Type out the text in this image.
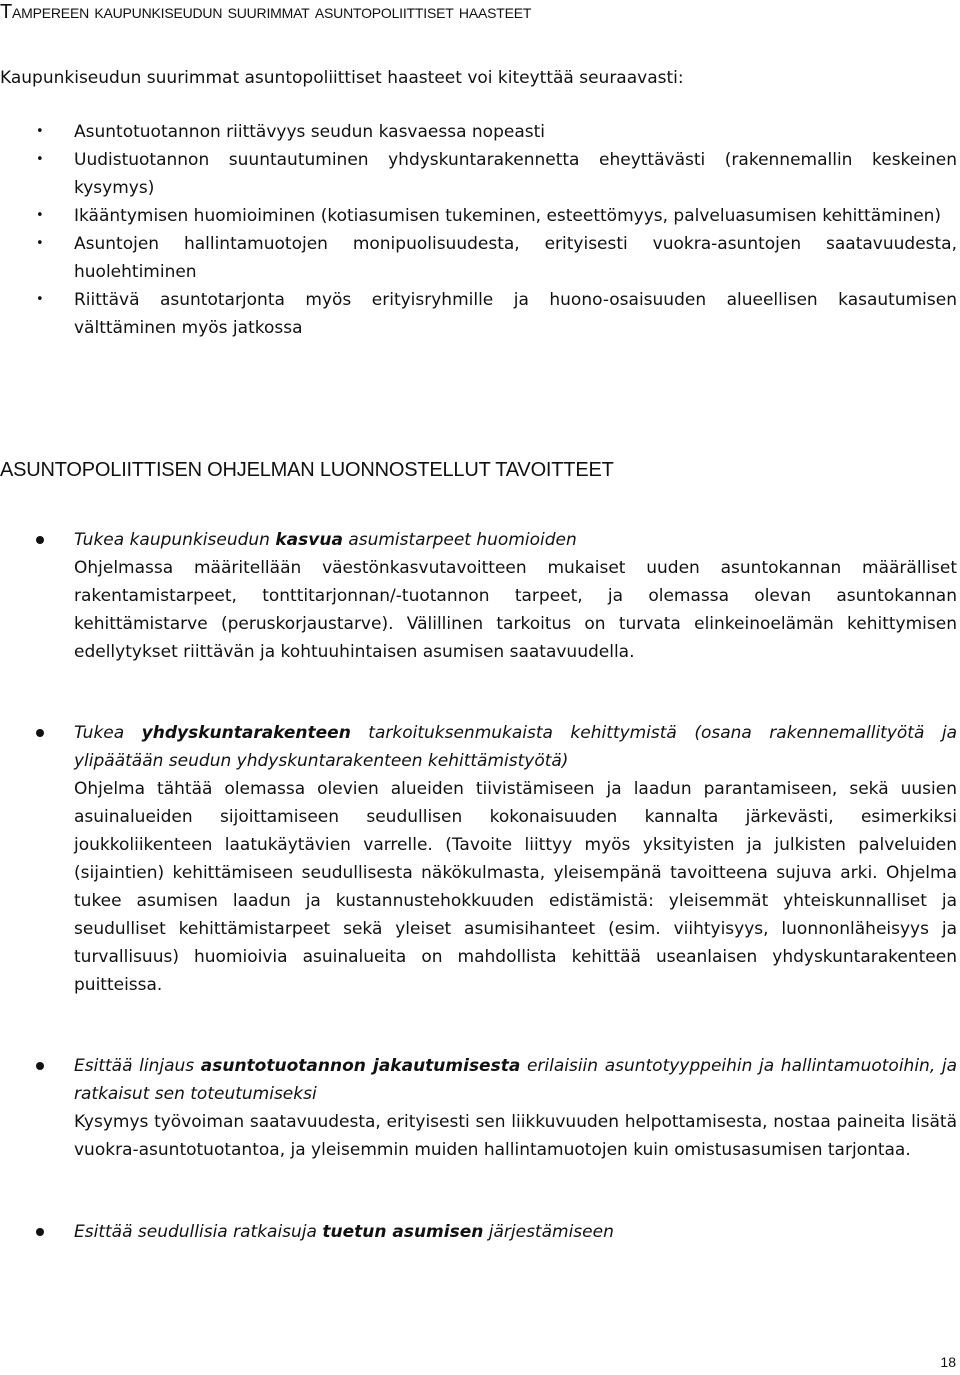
Tampereen kaupunkiseudun suurimmat asuntopoliittiset haasteet

Kaupunkiseudun suurimmat asuntopoliittiset haasteet voi kiteyttää seuraavasti:

• Asuntotuotannon riittävyys seudun kasvaessa nopeasti
• Uudistuotannon suuntautuminen yhdyskuntarakennetta eheyttävästi (rakennemallin keskeinen kysymys)
• Ikääntymisen huomioiminen (kotiasumisen tukeminen, esteettömyys, palveluasumisen kehittäminen)
• Asuntojen hallintamuotojen monipuolisuudesta, erityisesti vuokra-asuntojen saatavuudesta, huolehtiminen
• Riittävä asuntotarjonta myös erityisryhmille ja huono-osaisuuden alueellisen kasautumisen välttäminen myös jatkossa
ASUNTOPOLIITTISEN OHJELMAN LUONNOSTELLUT TAVOITTEET
Tukea kaupunkiseudun kasvua asumistarpeet huomioiden
Ohjelmassa määritellään väestönkasvutavoitteen mukaiset uuden asuntokannan määrälliset rakentamistarpeet, tonttitarjonnan/-tuotannon tarpeet, ja olemassa olevan asuntokannan kehittämistarve (peruskorjaustarve). Välillinen tarkoitus on turvata elinkeinoelämän kehittymisen edellytykset riittävän ja kohtuuhintaisen asumisen saatavuudella.
Tukea yhdyskuntarakenteen tarkoituksenmukaista kehittymistä (osana rakennemallityötä ja ylipäätään seudun yhdyskuntarakenteen kehittämistyötä)
Ohjelma tähtää olemassa olevien alueiden tiivistämiseen ja laadun parantamiseen, sekä uusien asuinalueiden sijoittamiseen seudullisen kokonaisuuden kannalta järkevästi, esimerkiksi joukkoliikenteen laatukäytävien varrelle. (Tavoite liittyy myös yksityisten ja julkisten palveluiden (sijaintien) kehittämiseen seudullisesta näkökulmasta, yleisempänä tavoitteena sujuva arki. Ohjelma tukee asumisen laadun ja kustannustehokkuuden edistämistä: yleisemmät yhteiskunnalliset ja seudulliset kehittämistarpeet sekä yleiset asumisihanteet (esim. viihtyisyys, luonnonläheisyys ja turvallisuus) huomioivia asuinalueita on mahdollista kehittää useanlaisen yhdyskuntarakenteen puitteissa.
Esittää linjaus asuntotuotannon jakautumisesta erilaisiin asuntotyyppeihin ja hallintamuotoihin, ja ratkaisut sen toteutumiseksi
Kysymys työvoiman saatavuudesta, erityisesti sen liikkuvuuden helpottamisesta, nostaa paineita lisätä vuokra-asuntotuotantoa, ja yleisemmin muiden hallintamuotojen kuin omistusasumisen tarjontaa.
Esittää seudullisia ratkaisuja tuetun asumisen järjestämiseen
18
